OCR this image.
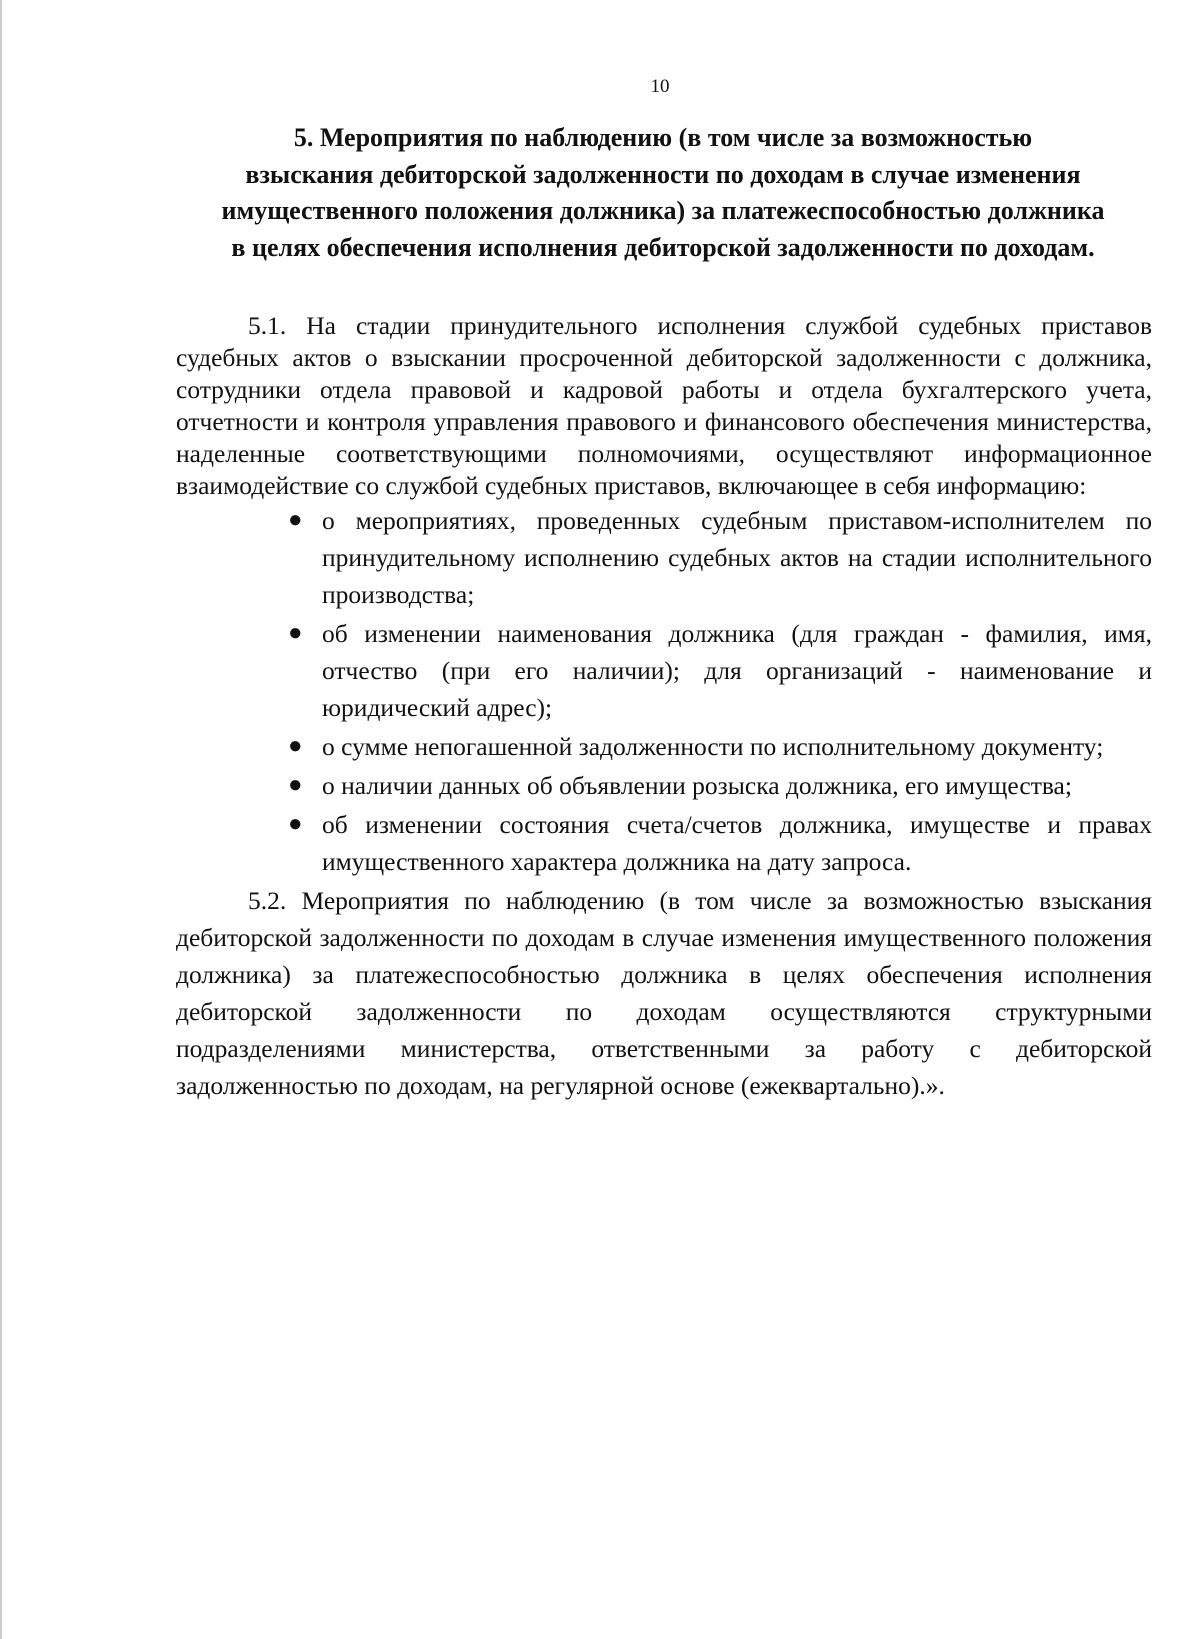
10
5. Мероприятия по наблюдению (в том числе за возможностью
взыскания дебиторской задолженности по доходам в случае изменения
имущественного положения должника) за платежеспособностью должника
в целях обеспечения исполнения дебиторской задолженности по доходам.

5.1. На стадии принудительного исполнения службой судебных приставов судебных актов о взыскании просроченной дебиторской задолженности с должника, сотрудники отдела правовой и кадровой работы и отдела бухгалтерского учета, отчетности и контроля управления правового и финансового обеспечения министерства, наделенные соответствующими полномочиями, осуществляют информационное взаимодействие со службой судебных приставов, включающее в себя информацию:

● о мероприятиях, проведенных судебным приставом-исполнителем по принудительному исполнению судебных актов на стадии исполнительного производства;
● об изменении наименования должника (для граждан - фамилия, имя, отчество (при его наличии); для организаций - наименование и юридический адрес);
● о сумме непогашенной задолженности по исполнительному документу;
● о наличии данных об объявлении розыска должника, его имущества;
● об изменении состояния счета/счетов должника, имуществе и правах имущественного характера должника на дату запроса.

5.2. Мероприятия по наблюдению (в том числе за возможностью взыскания дебиторской задолженности по доходам в случае изменения имущественного положения должника) за платежеспособностью должника в целях обеспечения исполнения дебиторской задолженности по доходам осуществляются структурными подразделениями министерства, ответственными за работу с дебиторской задолженностью по доходам, на регулярной основе (ежеквартально).».
